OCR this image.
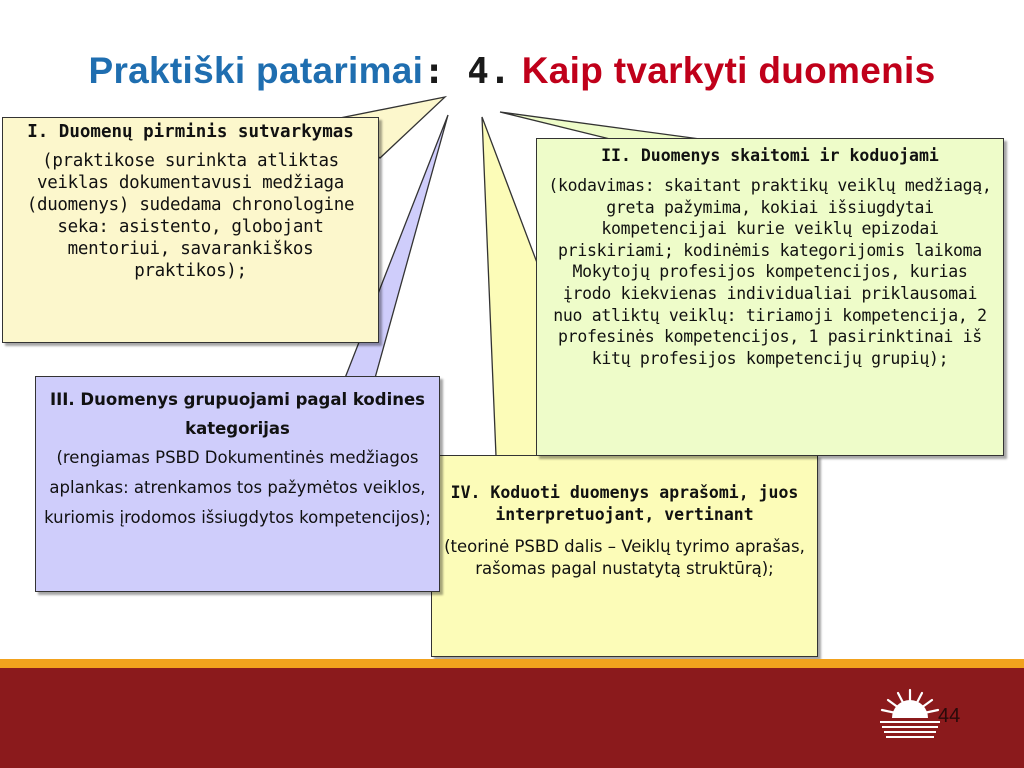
Praktiški patarimai: 4. Kaip tvarkyti duomenis
I. Duomenų pirminis sutvarkymas
(praktikose surinkta atliktas veiklas dokumentavusi medžiaga (duomenys) sudedama chronologine seka: asistento, globojant mentoriui, savarankiškos praktikos);
IV. Koduoti duomenys aprašomi, juos interpretuojant, vertinant
(teorinė PSBD dalis – Veiklų tyrimo aprašas, rašomas pagal nustatytą struktūrą);
III. Duomenys grupuojami pagal kodines kategorijas
(rengiamas PSBD Dokumentinės medžiagos aplankas: atrenkamos tos pažymėtos veiklos, kuriomis įrodomos išsiugdytos kompetencijos);
II. Duomenys skaitomi ir koduojami
(kodavimas: skaitant praktikų veiklų medžiagą, greta pažymima, kokiai išsiugdytai kompetencijai kurie veiklų epizodai priskiriami; kodinėmis kategorijomis laikoma Mokytojų profesijos kompetencijos, kurias įrodo kiekvienas individualiai priklausomai nuo atliktų veiklų: tiriamoji kompetencija, 2 profesinės kompetencijos, 1 pasirinktinai iš kitų profesijos kompetencijų grupių);
44
